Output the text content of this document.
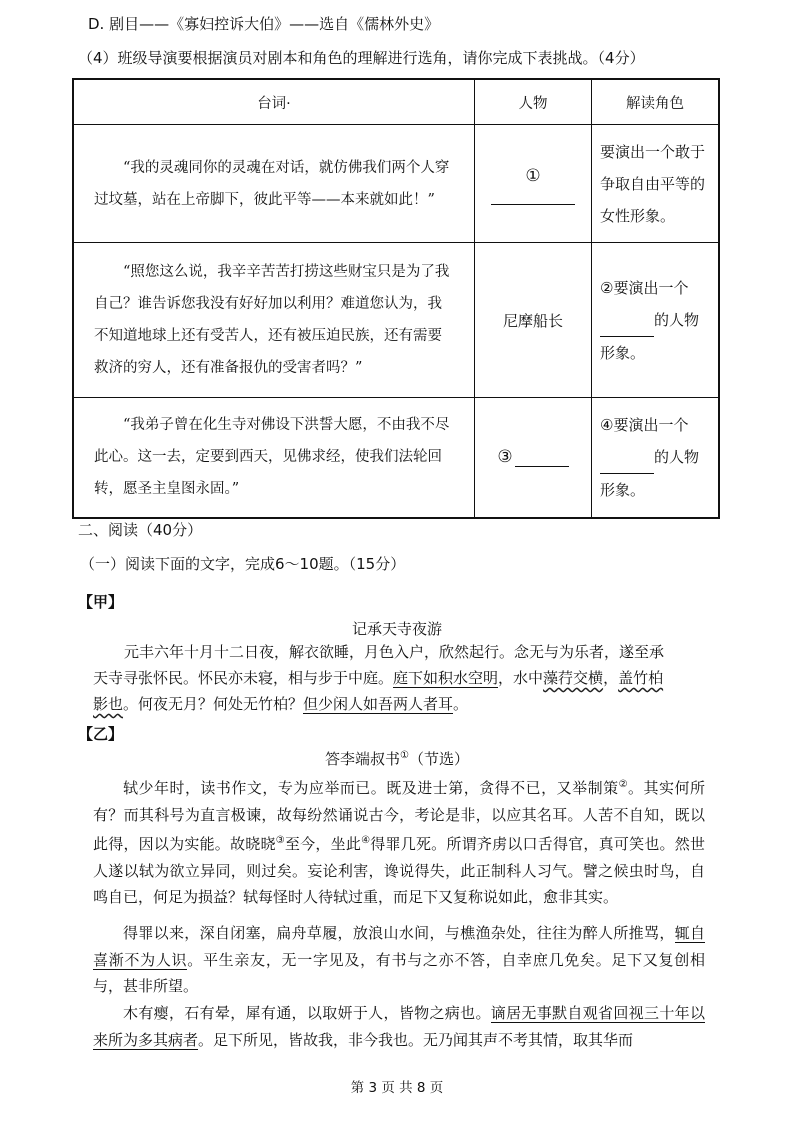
D. 剧目——《寡妇控诉大伯》——选自《儒林外史》
（4）班级导演要根据演员对剧本和角色的理解进行选角，请你完成下表挑战。（4分）
台词·	人物	解读角色

“我的灵魂同你的灵魂在对话，就仿佛我们两个人穿过坟墓，站在上帝脚下，彼此平等——本来就如此！”	①	要演出一个敢于争取自由平等的女性形象。

“照您这么说，我辛辛苦苦打捞这些财宝只是为了我自己？谁告诉您我没有好好加以利用？难道您认为，我不知道地球上还有受苦人，还有被压迫民族，还有需要救济的穷人，还有准备报仇的受害者吗？”	尼摩船长	②要演出一个
的人物
形象。

“我弟子曾在化生寺对佛设下洪誓大愿，不由我不尽此心。这一去，定要到西天，见佛求经，使我们法轮回转，愿圣主皇图永固。”	③	④要演出一个
的人物
形象。
二、阅读（40分）
（一）阅读下面的文字，完成6～10题。（15分）
【甲】
记承天寺夜游
元丰六年十月十二日夜，解衣欲睡，月色入户，欣然起行。念无与为乐者，遂至承
天寺寻张怀民。怀民亦未寝，相与步于中庭。庭下如积水空明，水中藻荇交横，盖竹柏
影也。何夜无月？何处无竹柏？但少闲人如吾两人者耳。
【乙】
答李端叔书①（节选）

轼少年时，读书作文，专为应举而已。既及进士第，贪得不已，又举制策②。其实何所有？而其科号为直言极谏，故每纷然诵说古今，考论是非，以应其名耳。人苦不自知，既以此得，因以为实能。故晓晓③至今，坐此④得罪几死。所谓齐虏以口舌得官，真可笑也。然世人遂以轼为欲立异同，则过矣。妄论利害，谗说得失，此正制科人习气。譬之候虫时鸟，自鸣自已，何足为损益？轼每怪时人待轼过重，而足下又复称说如此，愈非其实。

得罪以来，深自闭塞，扁舟草履，放浪山水间，与樵渔杂处，往往为醉人所推骂，辄自喜渐不为人识。平生亲友，无一字见及，有书与之亦不答，自幸庶几免矣。足下又复创相与，甚非所望。

木有瘿，石有晕，犀有通，以取妍于人，皆物之病也。谪居无事默自观省回视三十年以来所为多其病者。足下所见，皆故我，非今我也。无乃闻其声不考其情，取其华而

第 3 页 共 8 页
